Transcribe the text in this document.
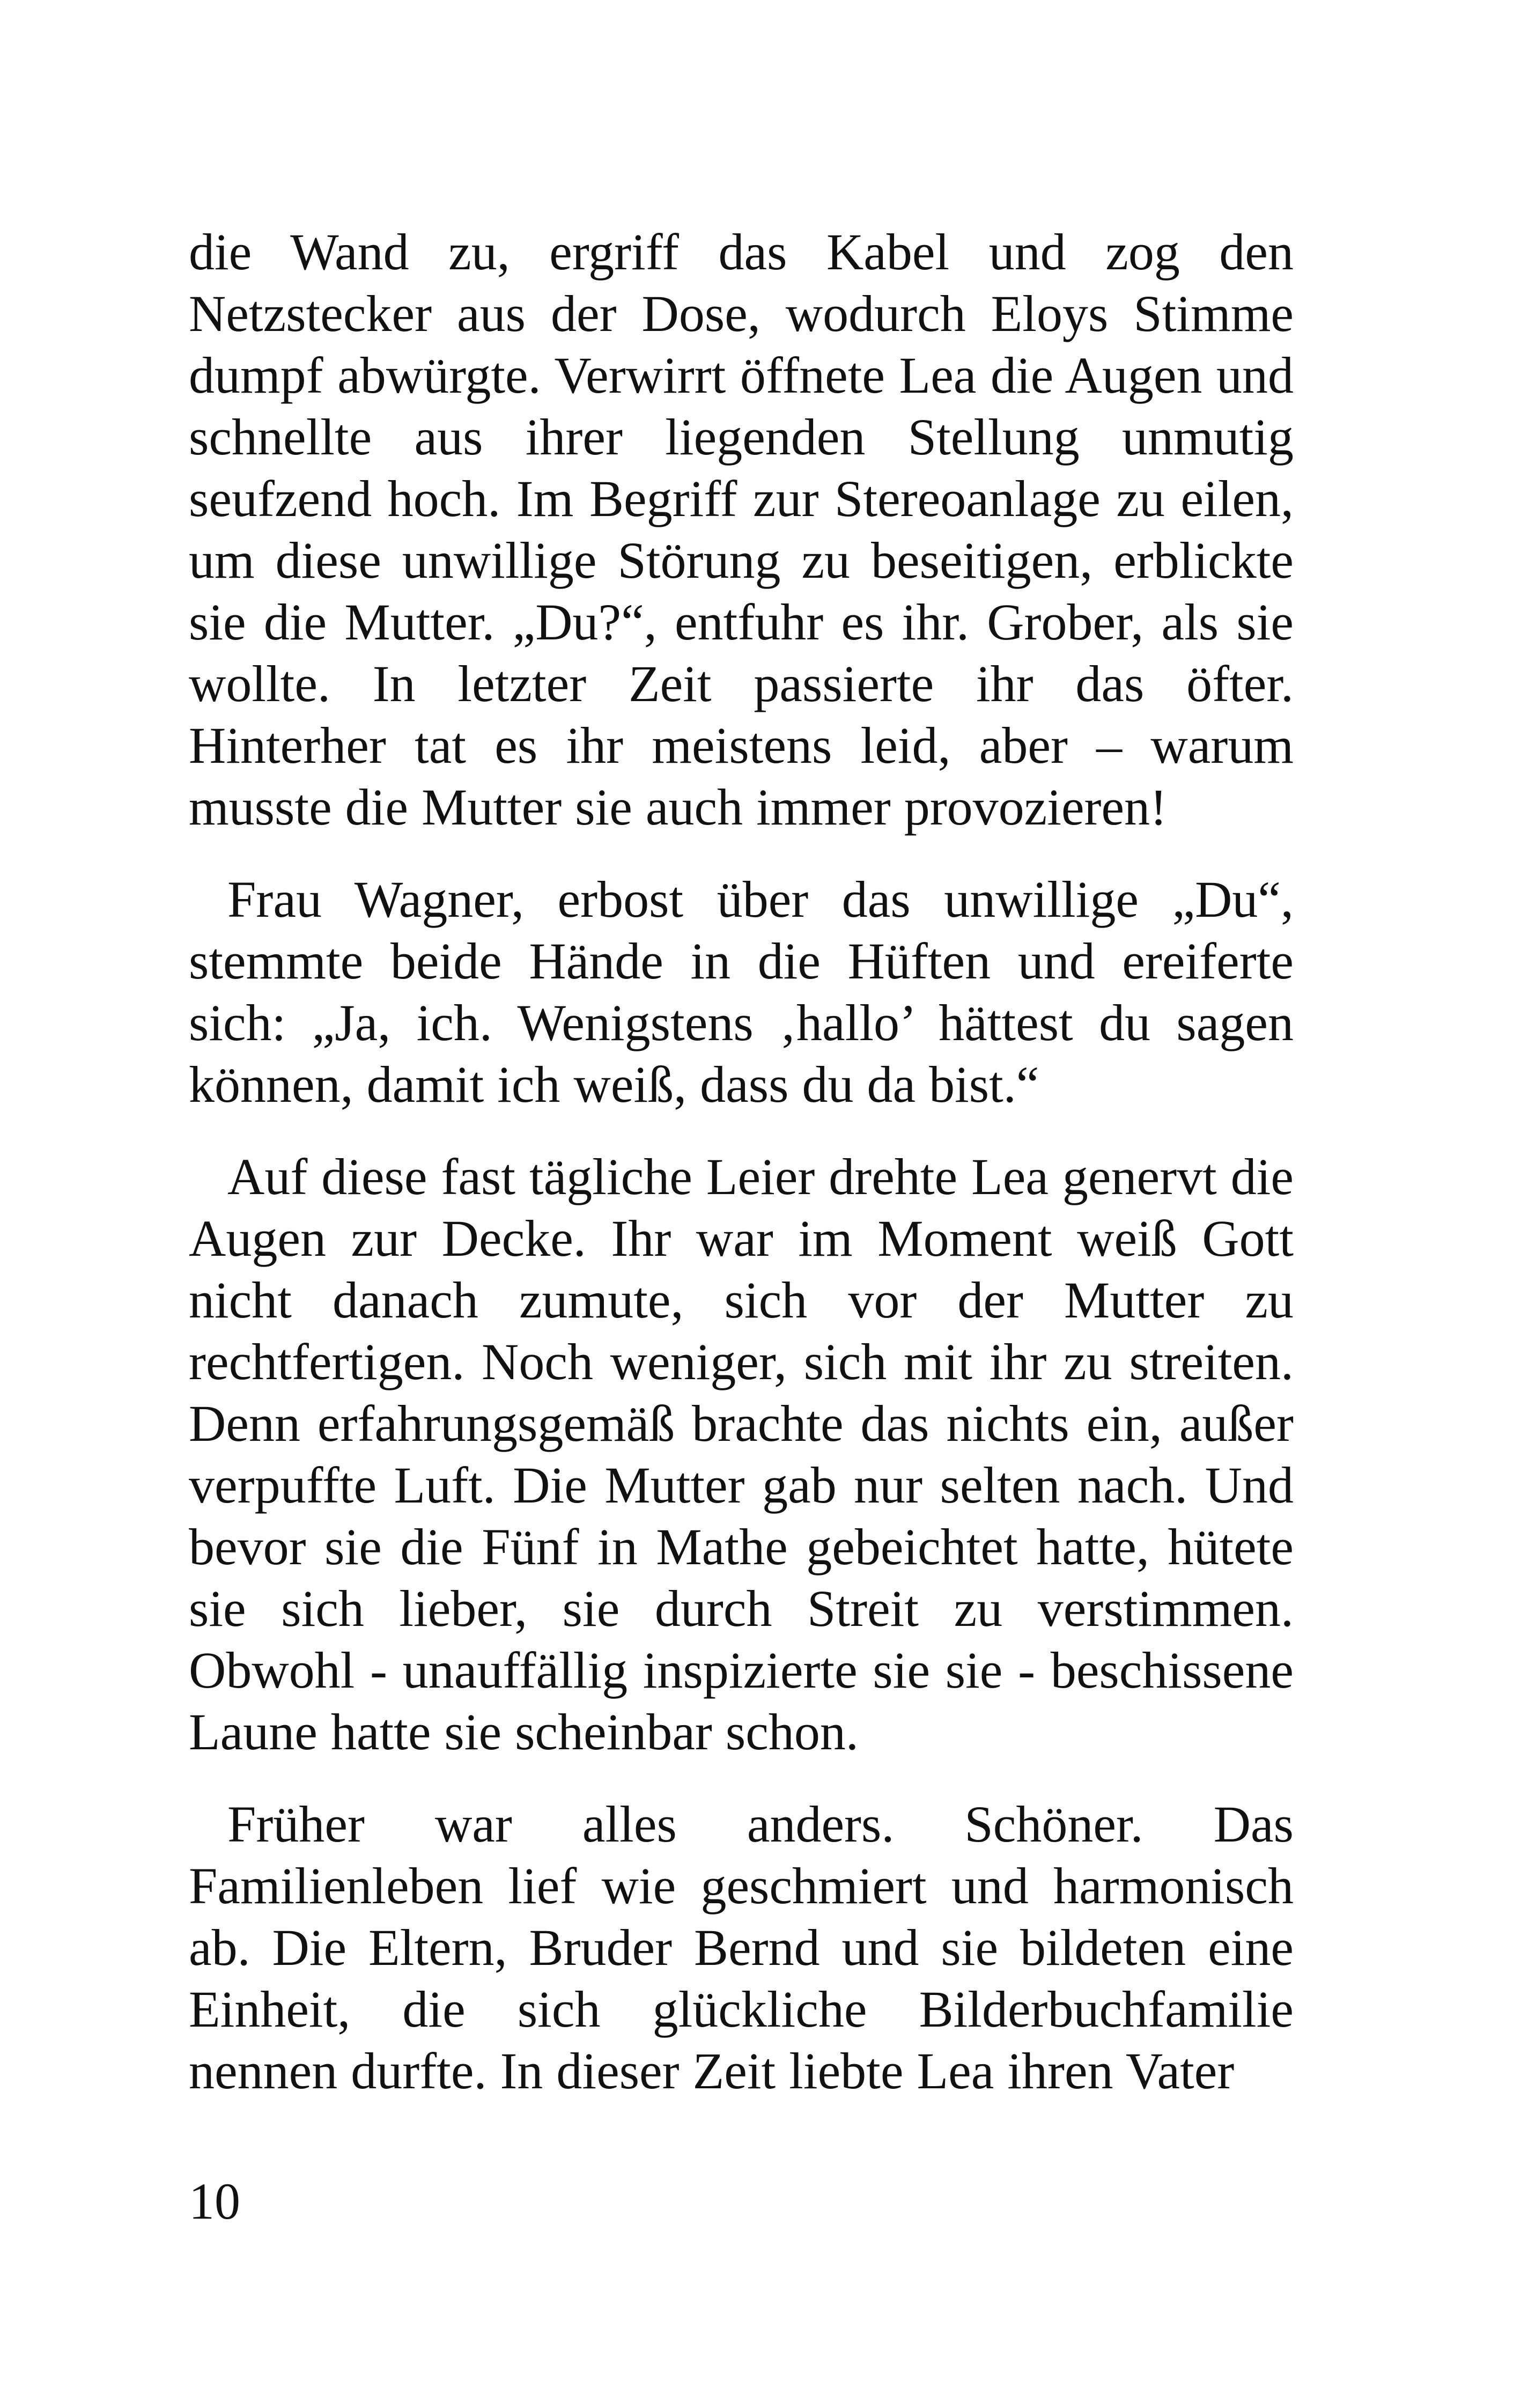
die Wand zu, ergriff das Kabel und zog den Netzstecker aus der Dose, wodurch Eloys Stimme dumpf abwürgte. Verwirrt öffnete Lea die Augen und schnellte aus ihrer liegenden Stellung unmutig seufzend hoch. Im Begriff zur Stereoanlage zu eilen, um diese unwillige Störung zu beseitigen, erblickte sie die Mutter. „Du?“, entfuhr es ihr. Grober, als sie wollte. In letzter Zeit passierte ihr das öfter. Hinterher tat es ihr meistens leid, aber – warum musste die Mutter sie auch immer provozieren!

Frau Wagner, erbost über das unwillige „Du“, stemmte beide Hände in die Hüften und ereiferte sich: „Ja, ich. Wenigstens ‚hallo’ hättest du sagen können, damit ich weiß, dass du da bist.“

Auf diese fast tägliche Leier drehte Lea genervt die Augen zur Decke. Ihr war im Moment weiß Gott nicht danach zumute, sich vor der Mutter zu rechtfertigen. Noch weniger, sich mit ihr zu streiten. Denn erfahrungsgemäß brachte das nichts ein, außer verpuffte Luft. Die Mutter gab nur selten nach. Und bevor sie die Fünf in Mathe gebeichtet hatte, hütete sie sich lieber, sie durch Streit zu verstimmen. Obwohl - unauffällig inspizierte sie sie - beschissene Laune hatte sie scheinbar schon.

Früher war alles anders. Schöner. Das Familienleben lief wie geschmiert und harmonisch ab. Die Eltern, Bruder Bernd und sie bildeten eine Einheit, die sich glückliche Bilderbuchfamilie nennen durfte. In dieser Zeit liebte Lea ihren Vater

10
